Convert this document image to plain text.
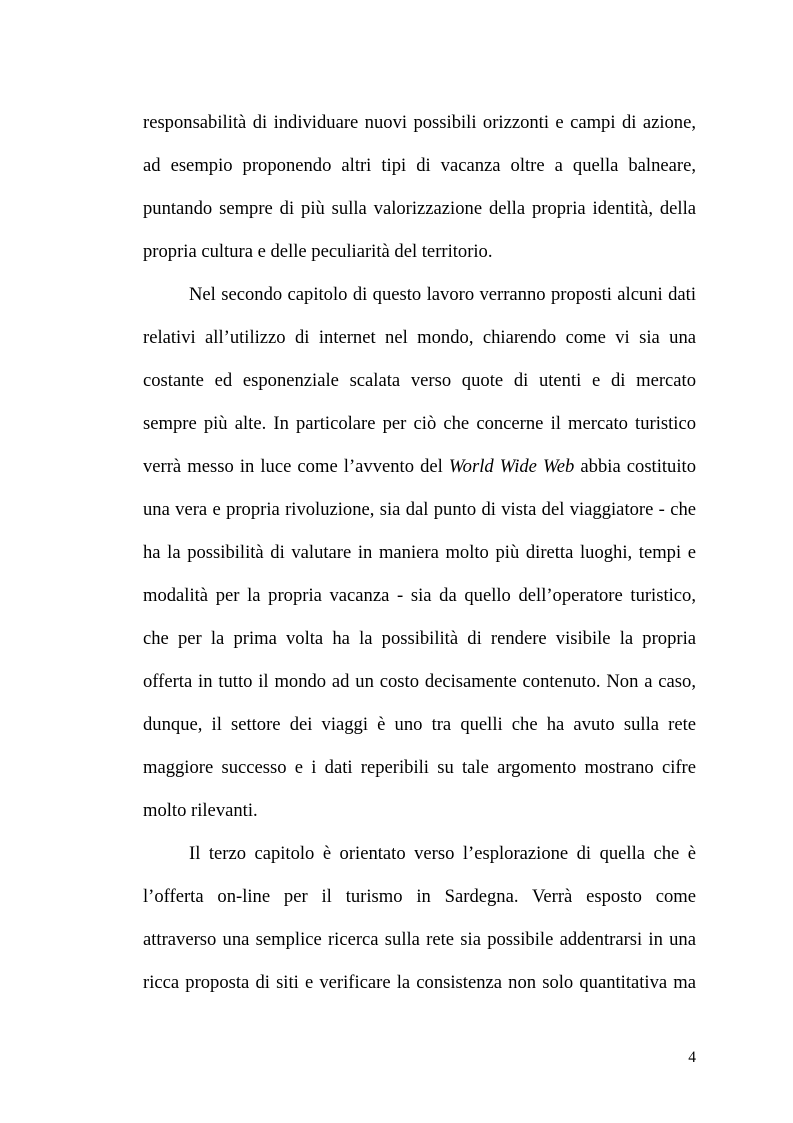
responsabilità di individuare nuovi possibili orizzonti e campi di azione,
ad esempio proponendo altri tipi di vacanza oltre a quella balneare,
puntando sempre di più sulla valorizzazione della propria identità, della
propria cultura e delle peculiarità del territorio.
Nel secondo capitolo di questo lavoro verranno proposti alcuni dati
relativi all’utilizzo di internet nel mondo, chiarendo come vi sia una
costante ed esponenziale scalata verso quote di utenti e di mercato
sempre più alte. In particolare per ciò che concerne il mercato turistico
verrà messo in luce come l’avvento del World Wide Web abbia costituito
una vera e propria rivoluzione, sia dal punto di vista del viaggiatore - che
ha la possibilità di valutare in maniera molto più diretta luoghi, tempi e
modalità per la propria vacanza - sia da quello dell’operatore turistico,
che per la prima volta ha la possibilità di rendere visibile la propria
offerta in tutto il mondo ad un costo decisamente contenuto. Non a caso,
dunque, il settore dei viaggi è uno tra quelli che ha avuto sulla rete
maggiore successo e i dati reperibili su tale argomento mostrano cifre
molto rilevanti.
Il terzo capitolo è orientato verso l’esplorazione di quella che è
l’offerta on-line per il turismo in Sardegna. Verrà esposto come
attraverso una semplice ricerca sulla rete sia possibile addentrarsi in una
ricca proposta di siti e verificare la consistenza non solo quantitativa ma
4
